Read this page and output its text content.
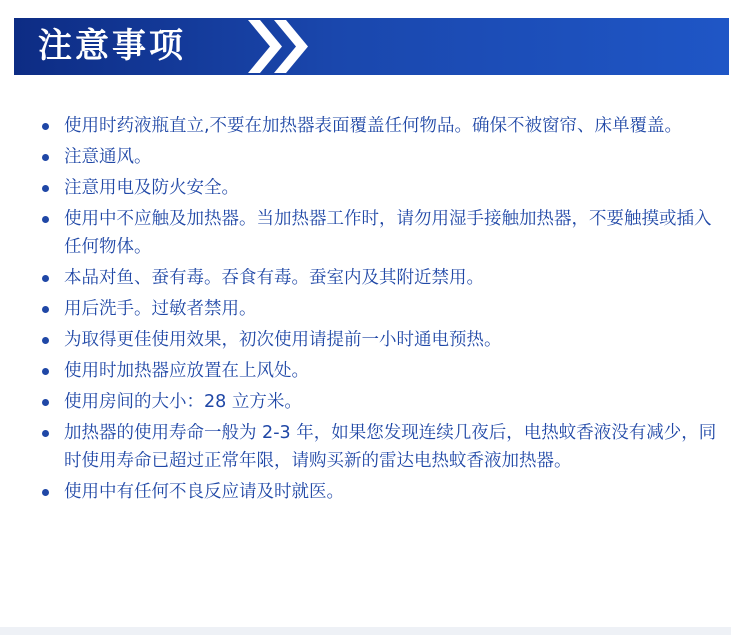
注意事项
使用时药液瓶直立,不要在加热器表面覆盖任何物品。确保不被窗帘、床单覆盖。
注意通风。
注意用电及防火安全。
使用中不应触及加热器。当加热器工作时，请勿用湿手接触加热器，不要触摸或插入任何物体。
本品对鱼、蚕有毒。吞食有毒。蚕室内及其附近禁用。
用后洗手。过敏者禁用。
为取得更佳使用效果，初次使用请提前一小时通电预热。
使用时加热器应放置在上风处。
使用房间的大小：28 立方米。
加热器的使用寿命一般为 2-3 年，如果您发现连续几夜后，电热蚊香液没有减少，同时使用寿命已超过正常年限，请购买新的雷达电热蚊香液加热器。
使用中有任何不良反应请及时就医。
